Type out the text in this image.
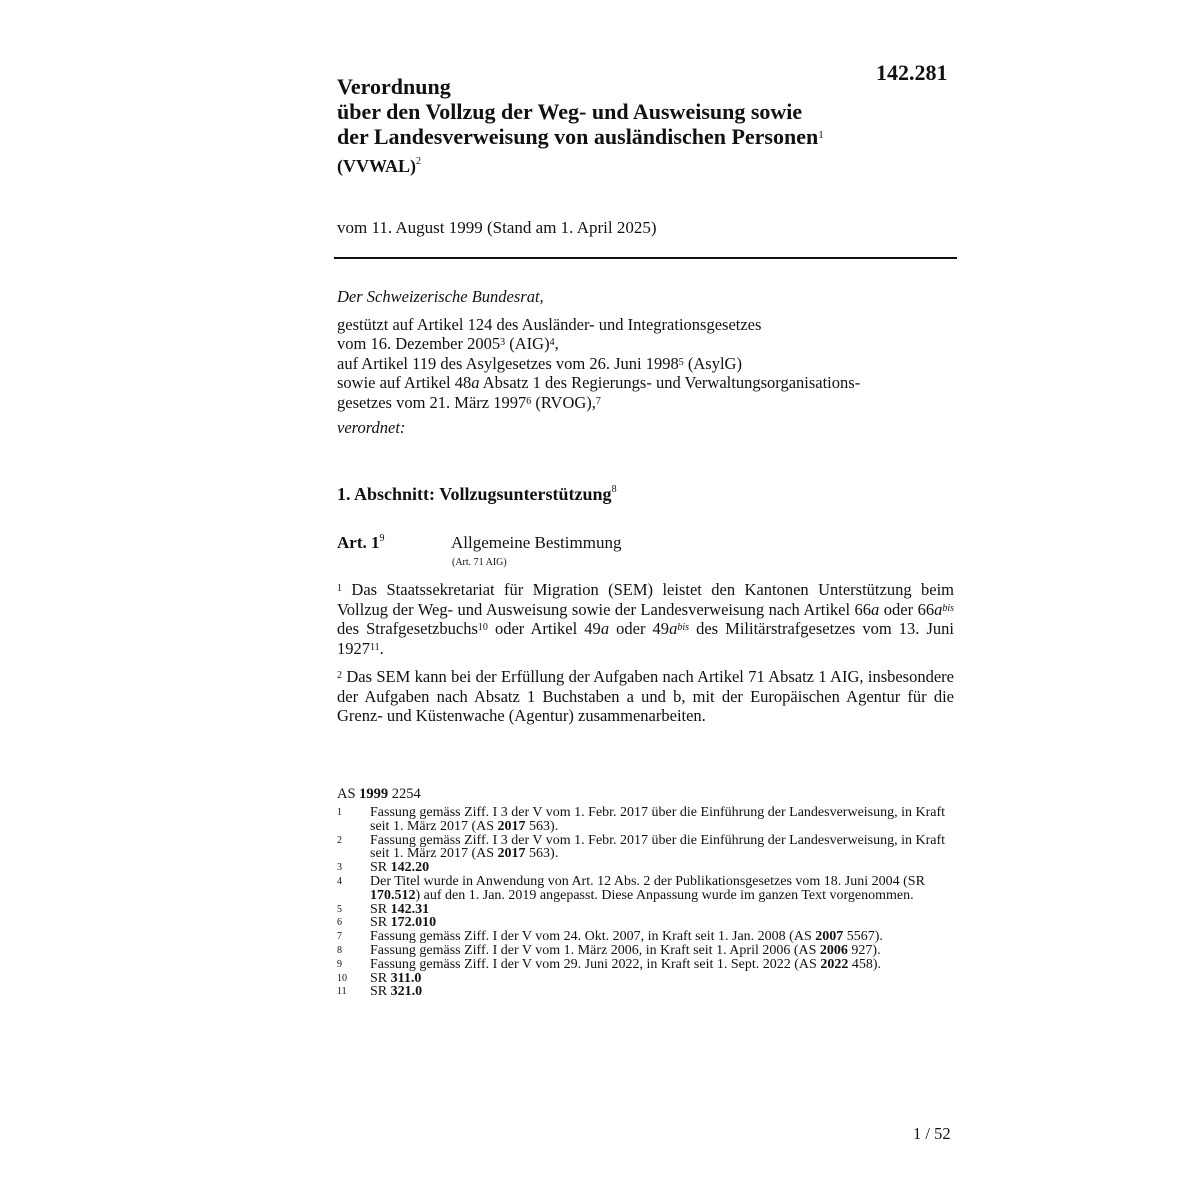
142.281
Verordnung
über den Vollzug der Weg- und Ausweisung sowie
der Landesverweisung von ausländischen Personen$^1$
(VVWAL)$^2$
vom 11. August 1999 (Stand am 1. April 2025)
Der Schweizerische Bundesrat,
gestützt auf Artikel 124 des Ausländer- und Integrationsgesetzes
vom 16. Dezember 2005$^3$ (AIG)$^4$,
auf Artikel 119 des Asylgesetzes vom 26. Juni 1998$^5$ (AsylG)
sowie auf Artikel 48a Absatz 1 des Regierungs- und Verwaltungsorganisations-
gesetzes vom 21. März 1997$^6$ (RVOG),$^7$
verordnet:
1. Abschnitt: Vollzugsunterstützung$^8$
Art. $1^9$	Allgemeine Bestimmung
(Art. 71 AIG)
$^1$ Das Staatssekretariat für Migration (SEM) leistet den Kantonen Unterstützung beim Vollzug der Weg- und Ausweisung sowie der Landesverweisung nach Artikel 66a oder $66a^{bis}$ des Strafgesetzbuchs$^{10}$ oder Artikel 49a oder $49a^{bis}$ des Militärstrafgesetzes vom 13. Juni 1927$^{11}$.
$^2$ Das SEM kann bei der Erfüllung der Aufgaben nach Artikel 71 Absatz 1 AIG, insbesondere der Aufgaben nach Absatz 1 Buchstaben a und b, mit der Europäischen Agentur für die Grenz- und Küstenwache (Agentur) zusammenarbeiten.
AS 1999 2254
1	Fassung gemäss Ziff. I 3 der V vom 1. Febr. 2017 über die Einführung der Landesverweisung, in Kraft seit 1. März 2017 (AS 2017 563).
2	Fassung gemäss Ziff. I 3 der V vom 1. Febr. 2017 über die Einführung der Landesverweisung, in Kraft seit 1. März 2017 (AS 2017 563).
3	SR 142.20
4	Der Titel wurde in Anwendung von Art. 12 Abs. 2 der Publikationsgesetzes vom 18. Juni 2004 (SR 170.512) auf den 1. Jan. 2019 angepasst. Diese Anpassung wurde im ganzen Text vorgenommen.
5	SR 142.31
6	SR 172.010
7	Fassung gemäss Ziff. I der V vom 24. Okt. 2007, in Kraft seit 1. Jan. 2008 (AS 2007 5567).
8	Fassung gemäss Ziff. I der V vom 1. März 2006, in Kraft seit 1. April 2006 (AS 2006 927).
9	Fassung gemäss Ziff. I der V vom 29. Juni 2022, in Kraft seit 1. Sept. 2022 (AS 2022 458).
10	SR 311.0
11	SR 321.0
1 / 52
